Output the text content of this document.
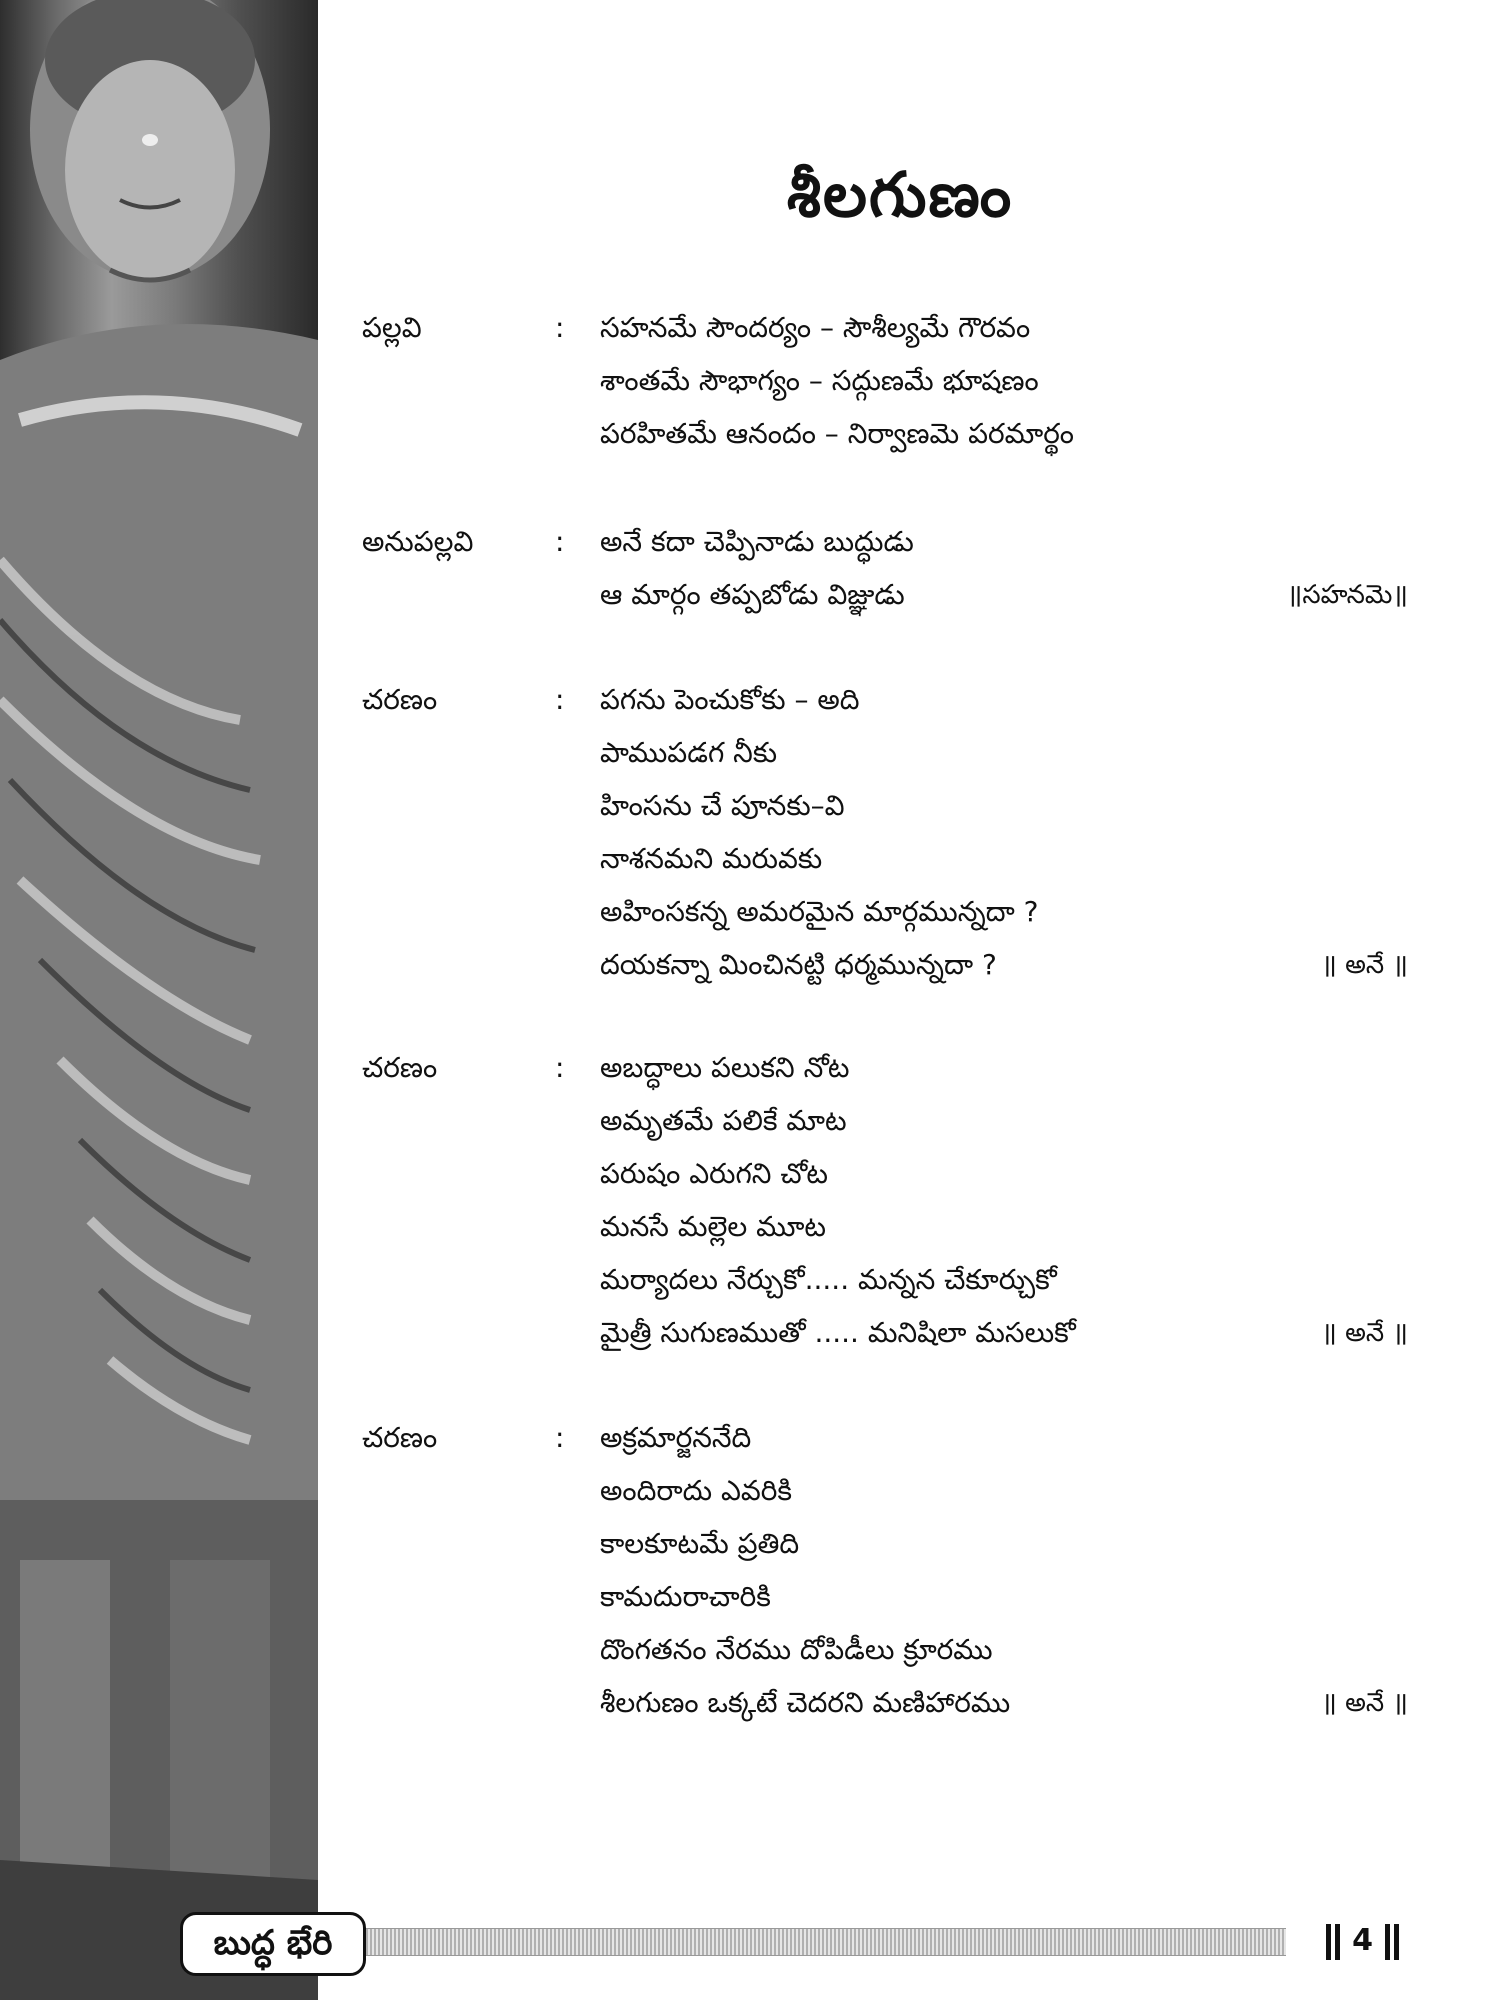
శీలగుణం
పల్లవి	: సహనమే సౌందర్యం – సౌశీల్యమే గౌరవం
శాంతమే సౌభాగ్యం – సద్గుణమే భూషణం
పరహితమే ఆనందం – నిర్వాణమె పరమార్థం
అనుపల్లవి	: అనే కదా చెప్పినాడు బుద్ధుడు
ఆ మార్గం తప్పబోడు విజ్ఞుడు	॥సహనమె॥
చరణం	: పగను పెంచుకోకు – అది
పాముపడగ నీకు
హింసను చే పూనకు–వి
నాశనమని మరువకు
అహింసకన్న అమరమైన మార్గమున్నదా ?
దయకన్నా మించినట్టి ధర్మమున్నదా ?	॥ అనే ॥
చరణం	: అబద్ధాలు పలుకని నోట
అమృతమే పలికే మాట
పరుషం ఎరుగని చోట
మనసే మల్లెల మూట
మర్యాదలు నేర్చుకో..... మన్నన చేకూర్చుకో
మైత్రీ సుగుణముతో ..... మనిషిలా మసలుకో	॥ అనే ॥
చరణం	: అక్రమార్జననేది
అందిరాదు ఎవరికి
కాలకూటమే ప్రతిది
కామదురాచారికి
దొంగతనం నేరము దోపిడీలు క్రూరము
శీలగుణం ఒక్కటే చెదరని మణిహారము	॥ అనే ॥
బుద్ధ భేరి	4
